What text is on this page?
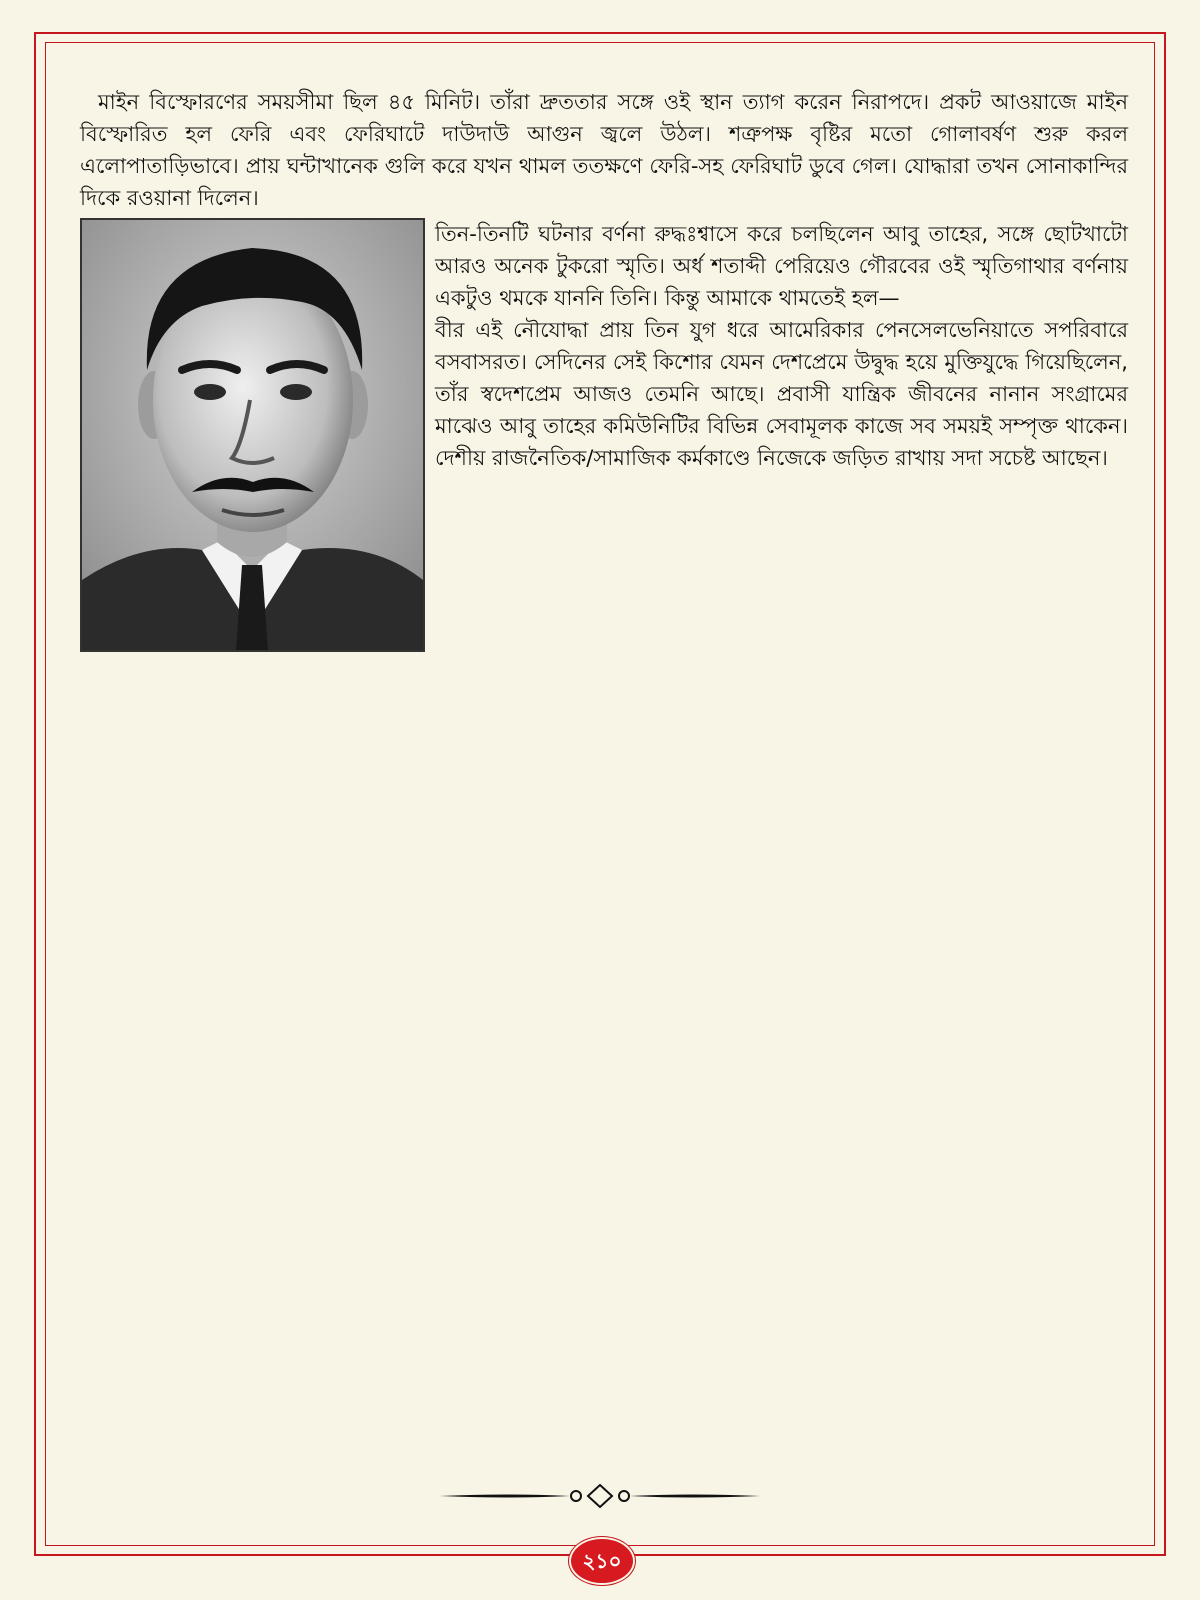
মাইন বিস্ফোরণের সময়সীমা ছিল ৪৫ মিনিট। তাঁরা দ্রুততার সঙ্গে ওই স্থান ত্যাগ করেন নিরাপদে। প্রকট আওয়াজে মাইন বিস্ফোরিত হল ফেরি এবং ফেরিঘাটে দাউদাউ আগুন জ্বলে উঠল। শত্রুপক্ষ বৃষ্টির মতো গোলাবর্ষণ শুরু করল এলোপাতাড়িভাবে। প্রায় ঘন্টাখানেক গুলি করে যখন থামল ততক্ষণে ফেরি-সহ ফেরিঘাট ডুবে গেল। যোদ্ধারা তখন সোনাকান্দির দিকে রওয়ানা দিলেন।

তিন-তিনটি ঘটনার বর্ণনা রুদ্ধঃশ্বাসে করে চলছিলেন আবু তাহের, সঙ্গে ছোটখাটো আরও অনেক টুকরো স্মৃতি। অর্ধ শতাব্দী পেরিয়েও গৌরবের ওই স্মৃতিগাথার বর্ণনায় একটুও থমকে যাননি তিনি। কিন্তু আমাকে থামতেই হল—

বীর এই নৌযোদ্ধা প্রায় তিন যুগ ধরে আমেরিকার পেনসেলভেনিয়াতে সপরিবারে বসবাসরত। সেদিনের সেই কিশোর যেমন দেশপ্রেমে উদ্বুদ্ধ হয়ে মুক্তিযুদ্ধে গিয়েছিলেন, তাঁর স্বদেশপ্রেম আজও তেমনি আছে। প্রবাসী যান্ত্রিক জীবনের নানান সংগ্রামের মাঝেও আবু তাহের কমিউনিটির বিভিন্ন সেবামূলক কাজে সব সময়ই সম্পৃক্ত থাকেন। দেশীয় রাজনৈতিক/সামাজিক কর্মকাণ্ডে নিজেকে জড়িত রাখায় সদা সচেষ্ট আছেন।

২১০
